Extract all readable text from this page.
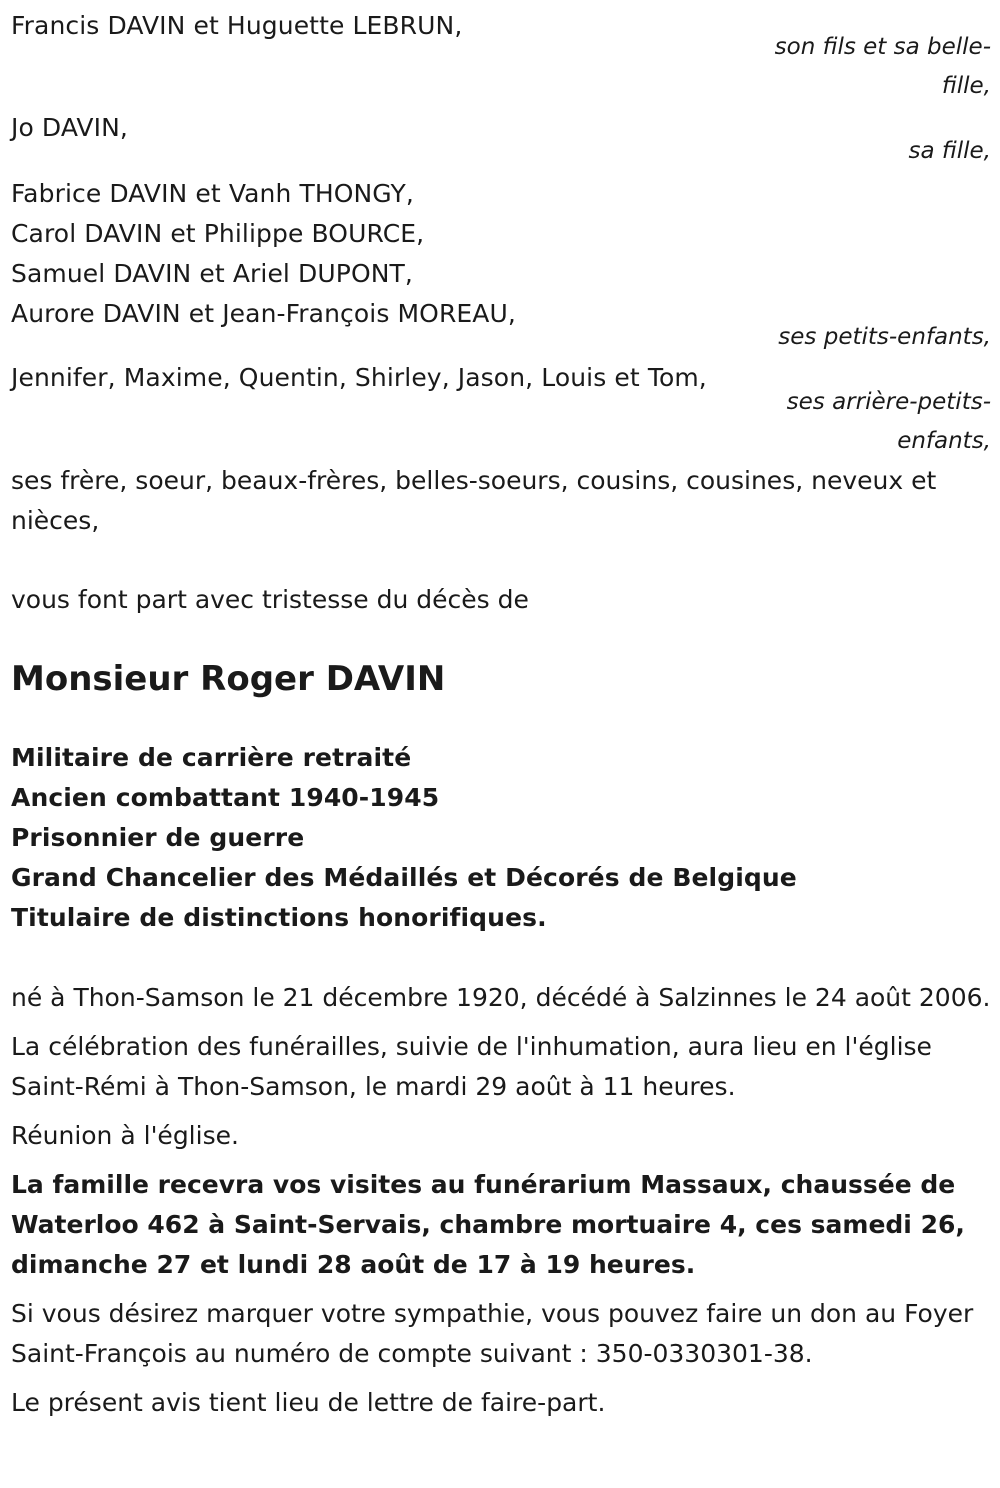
Francis DAVIN et Huguette LEBRUN,
son fils et sa belle-fille,
Jo DAVIN,
sa fille,
Fabrice DAVIN et Vanh THONGY,
Carol DAVIN et Philippe BOURCE,
Samuel DAVIN et Ariel DUPONT,
Aurore DAVIN et Jean-François MOREAU,
ses petits-enfants,
Jennifer, Maxime, Quentin, Shirley, Jason, Louis et Tom,
ses arrière-petits-enfants,
ses frère, soeur, beaux-frères, belles-soeurs, cousins, cousines, neveux et nièces,
vous font part avec tristesse du décès de
Monsieur Roger DAVIN
Militaire de carrière retraité
Ancien combattant 1940-1945
Prisonnier de guerre
Grand Chancelier des Médaillés et Décorés de Belgique
Titulaire de distinctions honorifiques.
né à Thon-Samson le 21 décembre 1920, décédé à Salzinnes le 24 août 2006.
La célébration des funérailles, suivie de l'inhumation, aura lieu en l'église Saint-Rémi à Thon-Samson, le mardi 29 août à 11 heures.
Réunion à l'église.
La famille recevra vos visites au funérarium Massaux, chaussée de Waterloo 462 à Saint-Servais, chambre mortuaire 4, ces samedi 26, dimanche 27 et lundi 28 août de 17 à 19 heures.
Si vous désirez marquer votre sympathie, vous pouvez faire un don au Foyer Saint-François au numéro de compte suivant : 350-0330301-38.
Le présent avis tient lieu de lettre de faire-part.
